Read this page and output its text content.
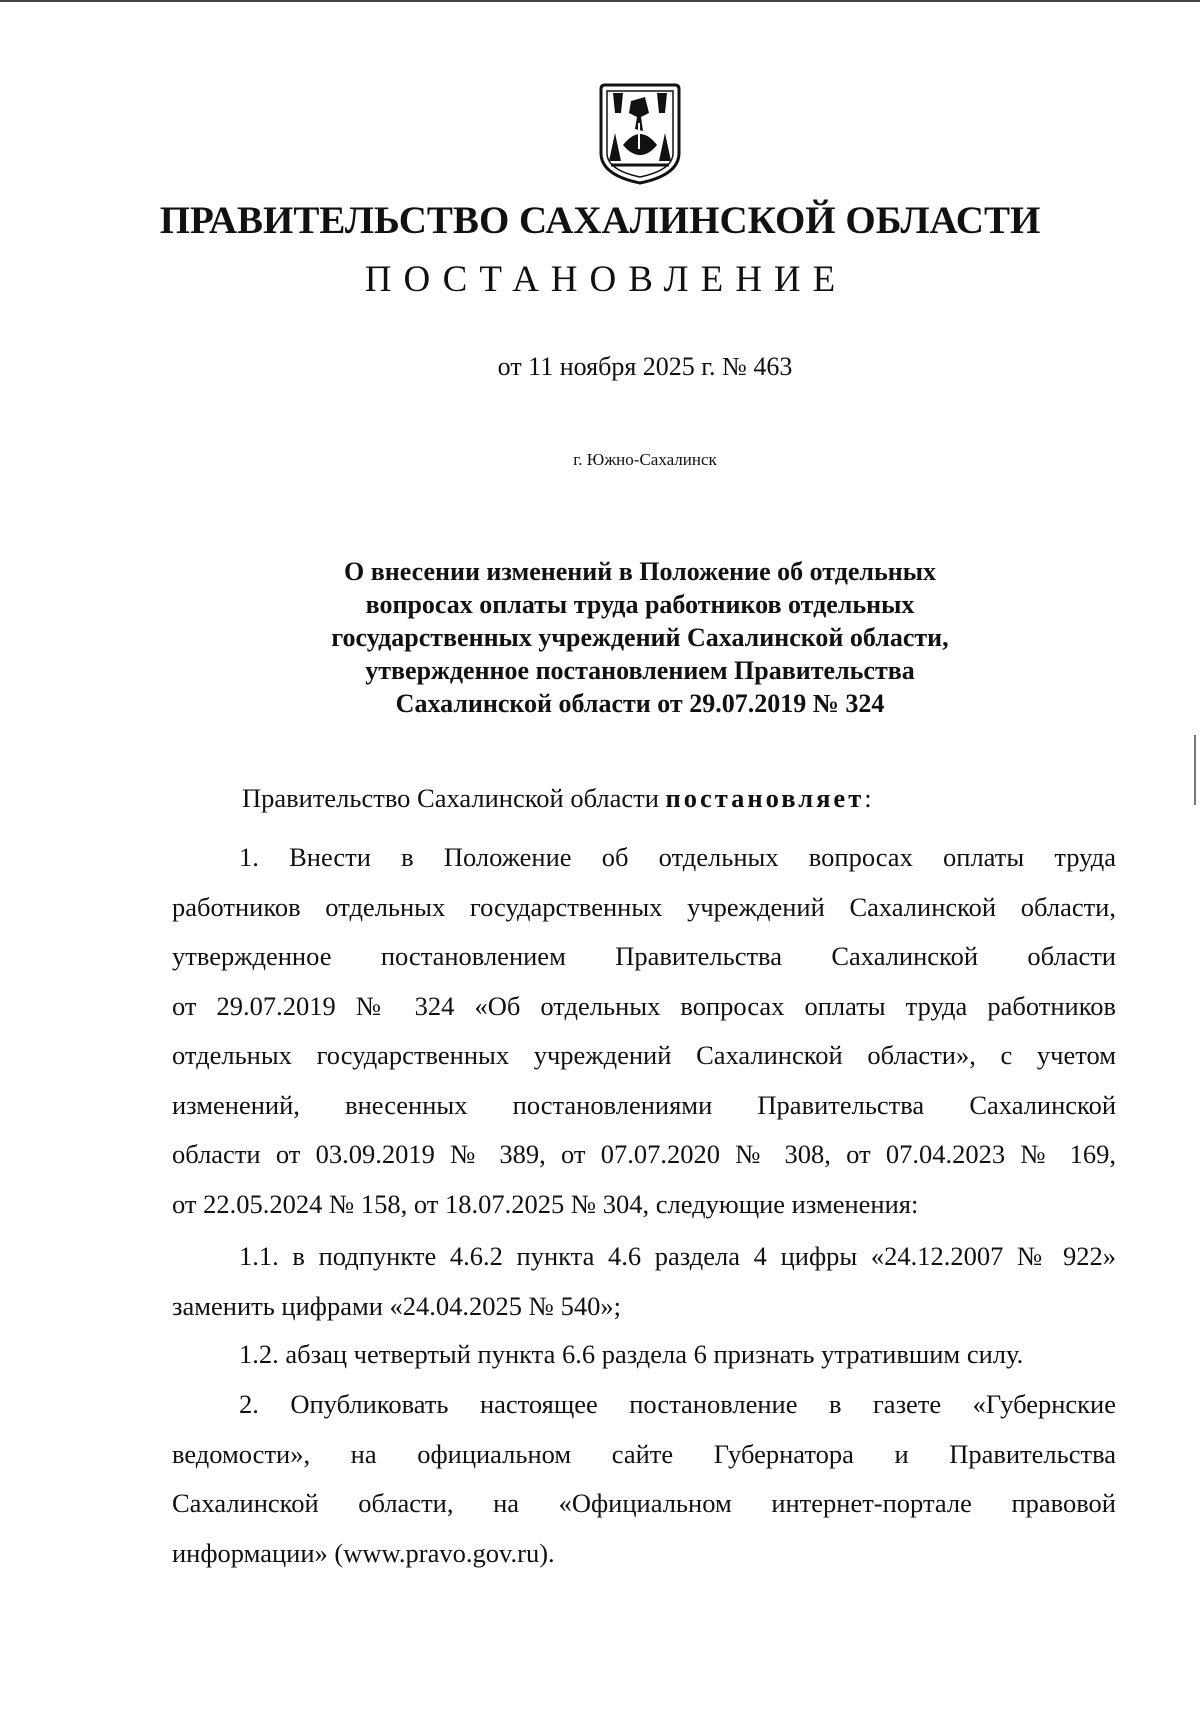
ПРАВИТЕЛЬСТВО САХАЛИНСКОЙ ОБЛАСТИ
ПОСТАНОВЛЕНИЕ
от 11 ноября 2025 г. № 463
г. Южно-Сахалинск
О внесении изменений в Положение об отдельных
вопросах оплаты труда работников отдельных
государственных учреждений Сахалинской области,
утвержденное постановлением Правительства
Сахалинской области от 29.07.2019 № 324
Правительство Сахалинской области постановляет:
1. Внести в Положение об отдельных вопросах оплаты труда
работников отдельных государственных учреждений Сахалинской области,
утвержденное постановлением Правительства Сахалинской области
от 29.07.2019 № 324 «Об отдельных вопросах оплаты труда работников
отдельных государственных учреждений Сахалинской области», с учетом
изменений, внесенных постановлениями Правительства Сахалинской
области от 03.09.2019 № 389, от 07.07.2020 № 308, от 07.04.2023 № 169,
от 22.05.2024 № 158, от 18.07.2025 № 304, следующие изменения:
1.1. в подпункте 4.6.2 пункта 4.6 раздела 4 цифры «24.12.2007 № 922»
заменить цифрами «24.04.2025 № 540»;
1.2. абзац четвертый пункта 6.6 раздела 6 признать утратившим силу.
2. Опубликовать настоящее постановление в газете «Губернские
ведомости», на официальном сайте Губернатора и Правительства
Сахалинской области, на «Официальном интернет-портале правовой
информации» (www.pravo.gov.ru).
